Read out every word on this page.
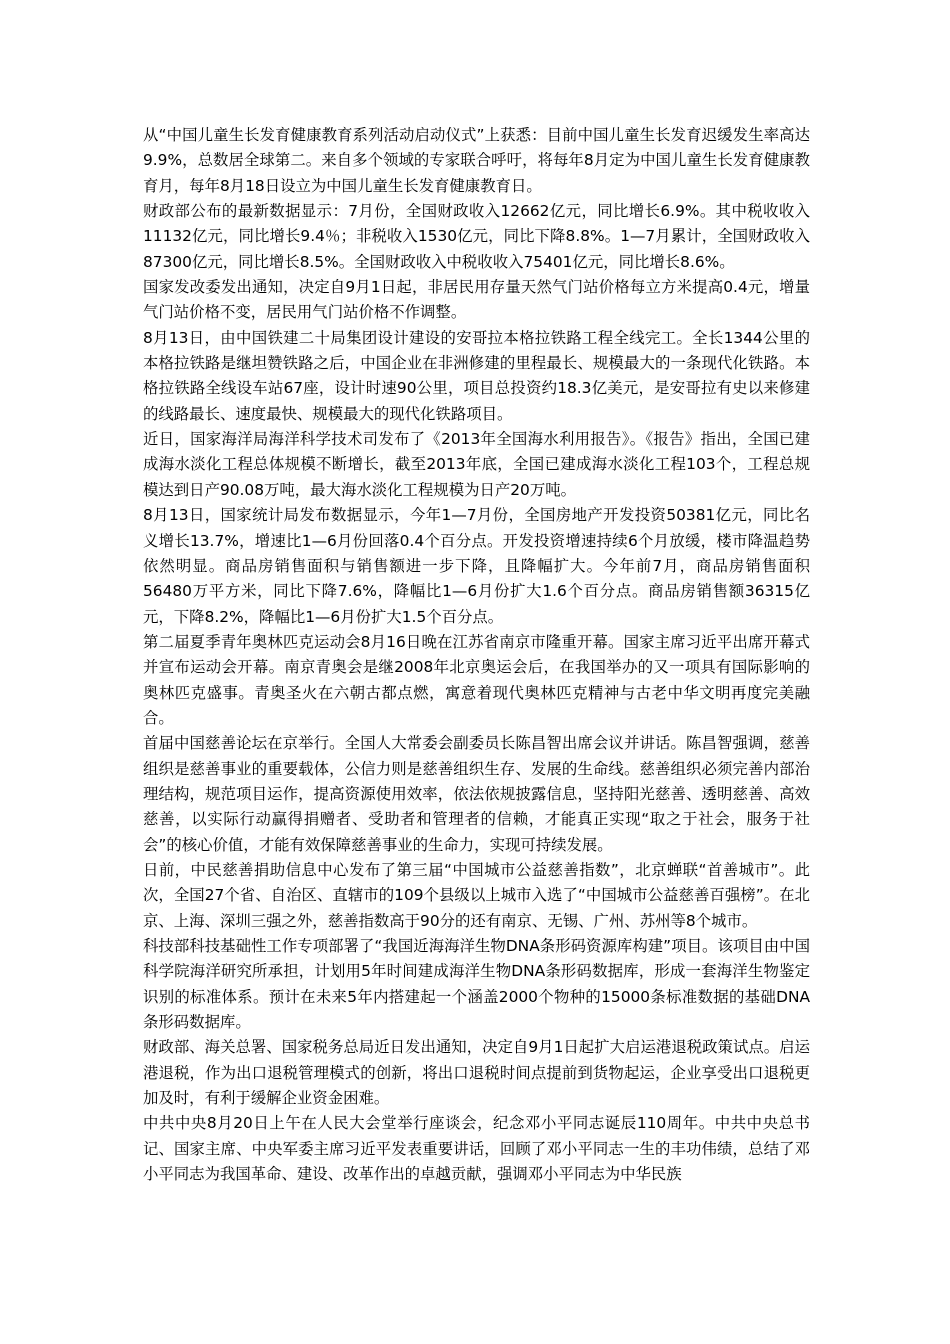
从“中国儿童生长发育健康教育系列活动启动仪式”上获悉：目前中国儿童生长发育迟缓发生率高达9.9%，总数居全球第二。来自多个领域的专家联合呼吁，将每年8月定为中国儿童生长发育健康教育月，每年8月18日设立为中国儿童生长发育健康教育日。

财政部公布的最新数据显示：7月份，全国财政收入12662亿元，同比增长6.9%。其中税收收入11132亿元，同比增长9.4％；非税收入1530亿元，同比下降8.8%。1—7月累计，全国财政收入87300亿元，同比增长8.5%。全国财政收入中税收收入75401亿元，同比增长8.6%。

国家发改委发出通知，决定自9月1日起，非居民用存量天然气门站价格每立方米提高0.4元，增量气门站价格不变，居民用气门站价格不作调整。

8月13日，由中国铁建二十局集团设计建设的安哥拉本格拉铁路工程全线完工。全长1344公里的本格拉铁路是继坦赞铁路之后，中国企业在非洲修建的里程最长、规模最大的一条现代化铁路。本格拉铁路全线设车站67座，设计时速90公里，项目总投资约18.3亿美元，是安哥拉有史以来修建的线路最长、速度最快、规模最大的现代化铁路项目。

近日，国家海洋局海洋科学技术司发布了《2013年全国海水利用报告》。《报告》指出，全国已建成海水淡化工程总体规模不断增长，截至2013年底，全国已建成海水淡化工程103个，工程总规模达到日产90.08万吨，最大海水淡化工程规模为日产20万吨。

8月13日，国家统计局发布数据显示，今年1—7月份，全国房地产开发投资50381亿元，同比名义增长13.7%，增速比1—6月份回落0.4个百分点。开发投资增速持续6个月放缓，楼市降温趋势依然明显。商品房销售面积与销售额进一步下降，且降幅扩大。今年前7月，商品房销售面积56480万平方米，同比下降7.6%，降幅比1—6月份扩大1.6个百分点。商品房销售额36315亿元，下降8.2%，降幅比1—6月份扩大1.5个百分点。

第二届夏季青年奥林匹克运动会8月16日晚在江苏省南京市隆重开幕。国家主席习近平出席开幕式并宣布运动会开幕。南京青奥会是继2008年北京奥运会后，在我国举办的又一项具有国际影响的奥林匹克盛事。青奥圣火在六朝古都点燃，寓意着现代奥林匹克精神与古老中华文明再度完美融合。

首届中国慈善论坛在京举行。全国人大常委会副委员长陈昌智出席会议并讲话。陈昌智强调，慈善组织是慈善事业的重要载体，公信力则是慈善组织生存、发展的生命线。慈善组织必须完善内部治理结构，规范项目运作，提高资源使用效率，依法依规披露信息，坚持阳光慈善、透明慈善、高效慈善，以实际行动赢得捐赠者、受助者和管理者的信赖，才能真正实现“取之于社会，服务于社会”的核心价值，才能有效保障慈善事业的生命力，实现可持续发展。

日前，中民慈善捐助信息中心发布了第三届“中国城市公益慈善指数”，北京蝉联“首善城市”。此次，全国27个省、自治区、直辖市的109个县级以上城市入选了“中国城市公益慈善百强榜”。在北京、上海、深圳三强之外，慈善指数高于90分的还有南京、无锡、广州、苏州等8个城市。

科技部科技基础性工作专项部署了“我国近海海洋生物DNA条形码资源库构建”项目。该项目由中国科学院海洋研究所承担，计划用5年时间建成海洋生物DNA条形码数据库，形成一套海洋生物鉴定识别的标准体系。预计在未来5年内搭建起一个涵盖2000个物种的15000条标准数据的基础DNA条形码数据库。

财政部、海关总署、国家税务总局近日发出通知，决定自9月1日起扩大启运港退税政策试点。启运港退税，作为出口退税管理模式的创新，将出口退税时间点提前到货物起运，企业享受出口退税更加及时，有利于缓解企业资金困难。

中共中央8月20日上午在人民大会堂举行座谈会，纪念邓小平同志诞辰110周年。中共中央总书记、国家主席、中央军委主席习近平发表重要讲话，回顾了邓小平同志一生的丰功伟绩，总结了邓小平同志为我国革命、建设、改革作出的卓越贡献，强调邓小平同志为中华民族
